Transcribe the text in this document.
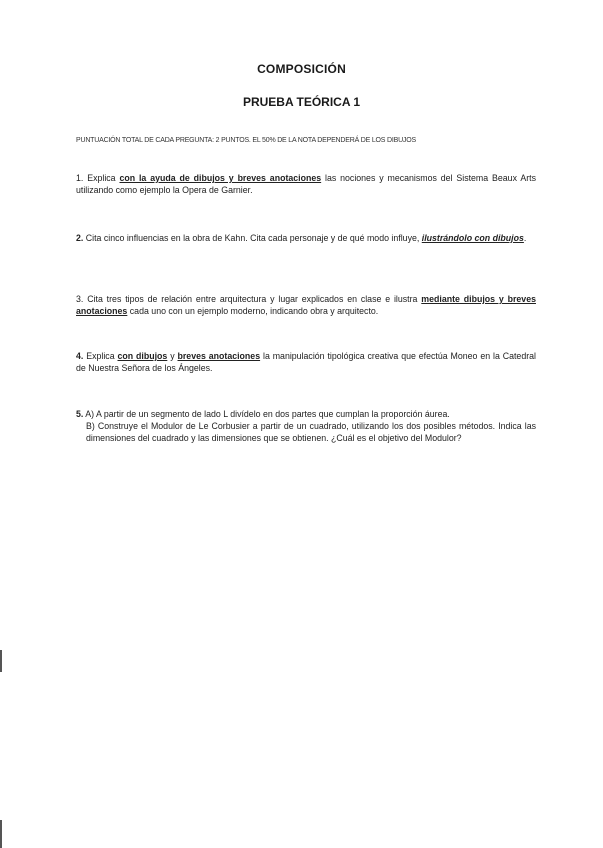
COMPOSICIÓN
PRUEBA TEÓRICA 1
PUNTUACIÓN TOTAL DE CADA PREGUNTA: 2 PUNTOS. EL 50% DE LA NOTA DEPENDERÁ DE LOS DIBUJOS
1. Explica con la ayuda de dibujos y breves anotaciones las nociones y mecanismos del Sistema Beaux Arts utilizando como ejemplo la Opera de Garnier.
2. Cita cinco influencias en la obra de Kahn. Cita cada personaje y de qué modo influye, ilustrándolo con dibujos.
3. Cita tres tipos de relación entre arquitectura y lugar explicados en clase e ilustra mediante dibujos y breves anotaciones cada uno con un ejemplo moderno, indicando obra y arquitecto.
4. Explica con dibujos y breves anotaciones la manipulación tipológica creativa que efectúa Moneo en la Catedral de Nuestra Señora de los Ángeles.
5. A) A partir de un segmento de lado L divídelo en dos partes que cumplan la proporción áurea.
B) Construye el Modulor de Le Corbusier a partir de un cuadrado, utilizando los dos posibles métodos. Indica las dimensiones del cuadrado y las dimensiones que se obtienen. ¿Cuál es el objetivo del Modulor?
